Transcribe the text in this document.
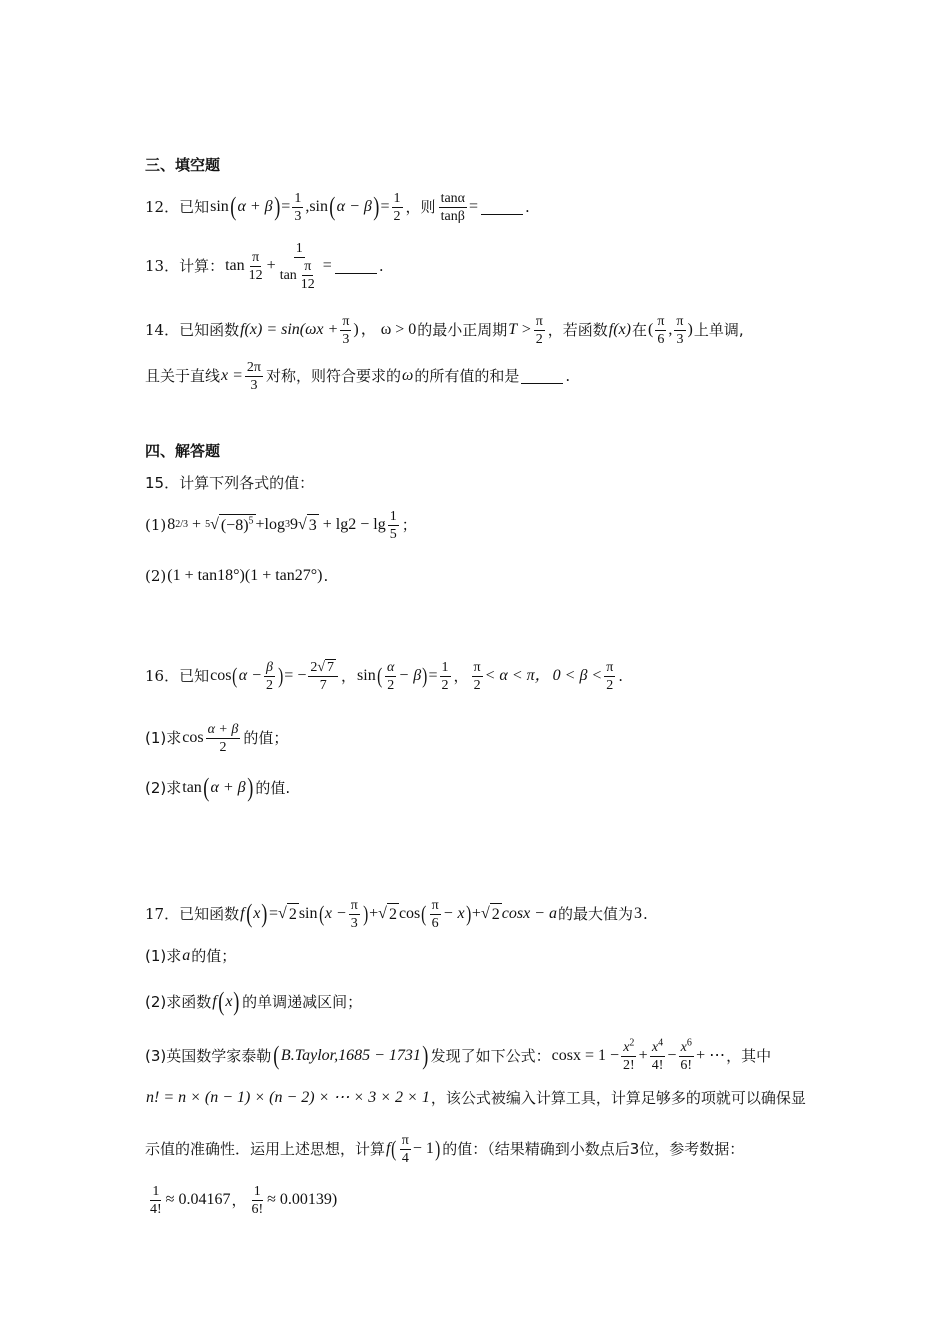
三、填空题
12． 已知 sin ( α + β ) = $\frac{1}{3}$ , sin ( α − β ) = $\frac{1}{2}$ ，则 $\frac{\tan\alpha}{\tan\beta}$ =	.
13． 计算： $\tan \frac{\pi}{12} + \frac{1}{\tan \frac{\pi}{12}}$ =	.
14． 已知函数 $f(x) = \sin(\omega x + \frac{\pi}{3}$ ) ， ω > 0 的最小正周期 $T > \frac{\pi}{2}$ ，若函数 f(x) 在 ( $\frac{\pi}{6}$ , $\frac{\pi}{3}$ ) 上单调,
且关于直线 $x = \frac{2\pi}{3}$ 对称，则符合要求的 ω 的所有值的和是	.
四、解答题
15．计算下列各式的值：
(1) 8 2/3
+
5 √ $(-8)^5 +\log$ 3 9 √ 3
+ $\lg 2 - \lg \frac{1}{5}$ ；
(2) (1 + tan18°)(1 + tan27°) .
16． 已知 cos ( $\alpha - \frac{\beta}{2}$ ) = − $\frac{2√ 7}{7}$ ， sin ( $\frac{\alpha}{2} - \beta$ ) = $\frac{1}{2}$ ， $\frac{\pi}{2} < \alpha < \pi$， $0 < \beta < \frac{\pi}{2}$ .
(1)求 $\cos \frac{\alpha + \beta}{2}$ 的值；
(2)求 tan ( α + β ) 的值.
17． 已知函数 f ( x ) = √ 2 sin ( $x - \frac{\pi}{3}$ ) + √ 2 cos ( $\frac{\pi}{6} - x$ ) + √ 2 cosx − a 的最大值为 3 .
(1)求 a 的值；
(2)求函数 f ( x ) 的单调递减区间；
(3)英国数学家泰勒 ( B.Taylor,1685 − 1731 ) 发现了如下公式： $\cos x = 1 - \frac{x^2}{2!} + \frac{x^4}{4!} - \frac{x^6}{6!}$ + ⋯ ，其中
n! = n × (n − 1) × (n − 2) × ⋯ × 3 × 2 × 1 ，该公式被编入计算工具，计算足够多的项就可以确保显
示值的准确性．运用上述思想，计算 f ( $\frac{\pi}{4} - 1$ ) 的值：（结果精确到小数点后3位，参考数据：
$\frac{1}{4!} \approx 0.04167$ ， $\frac{1}{6!} \approx 0.00139$)
